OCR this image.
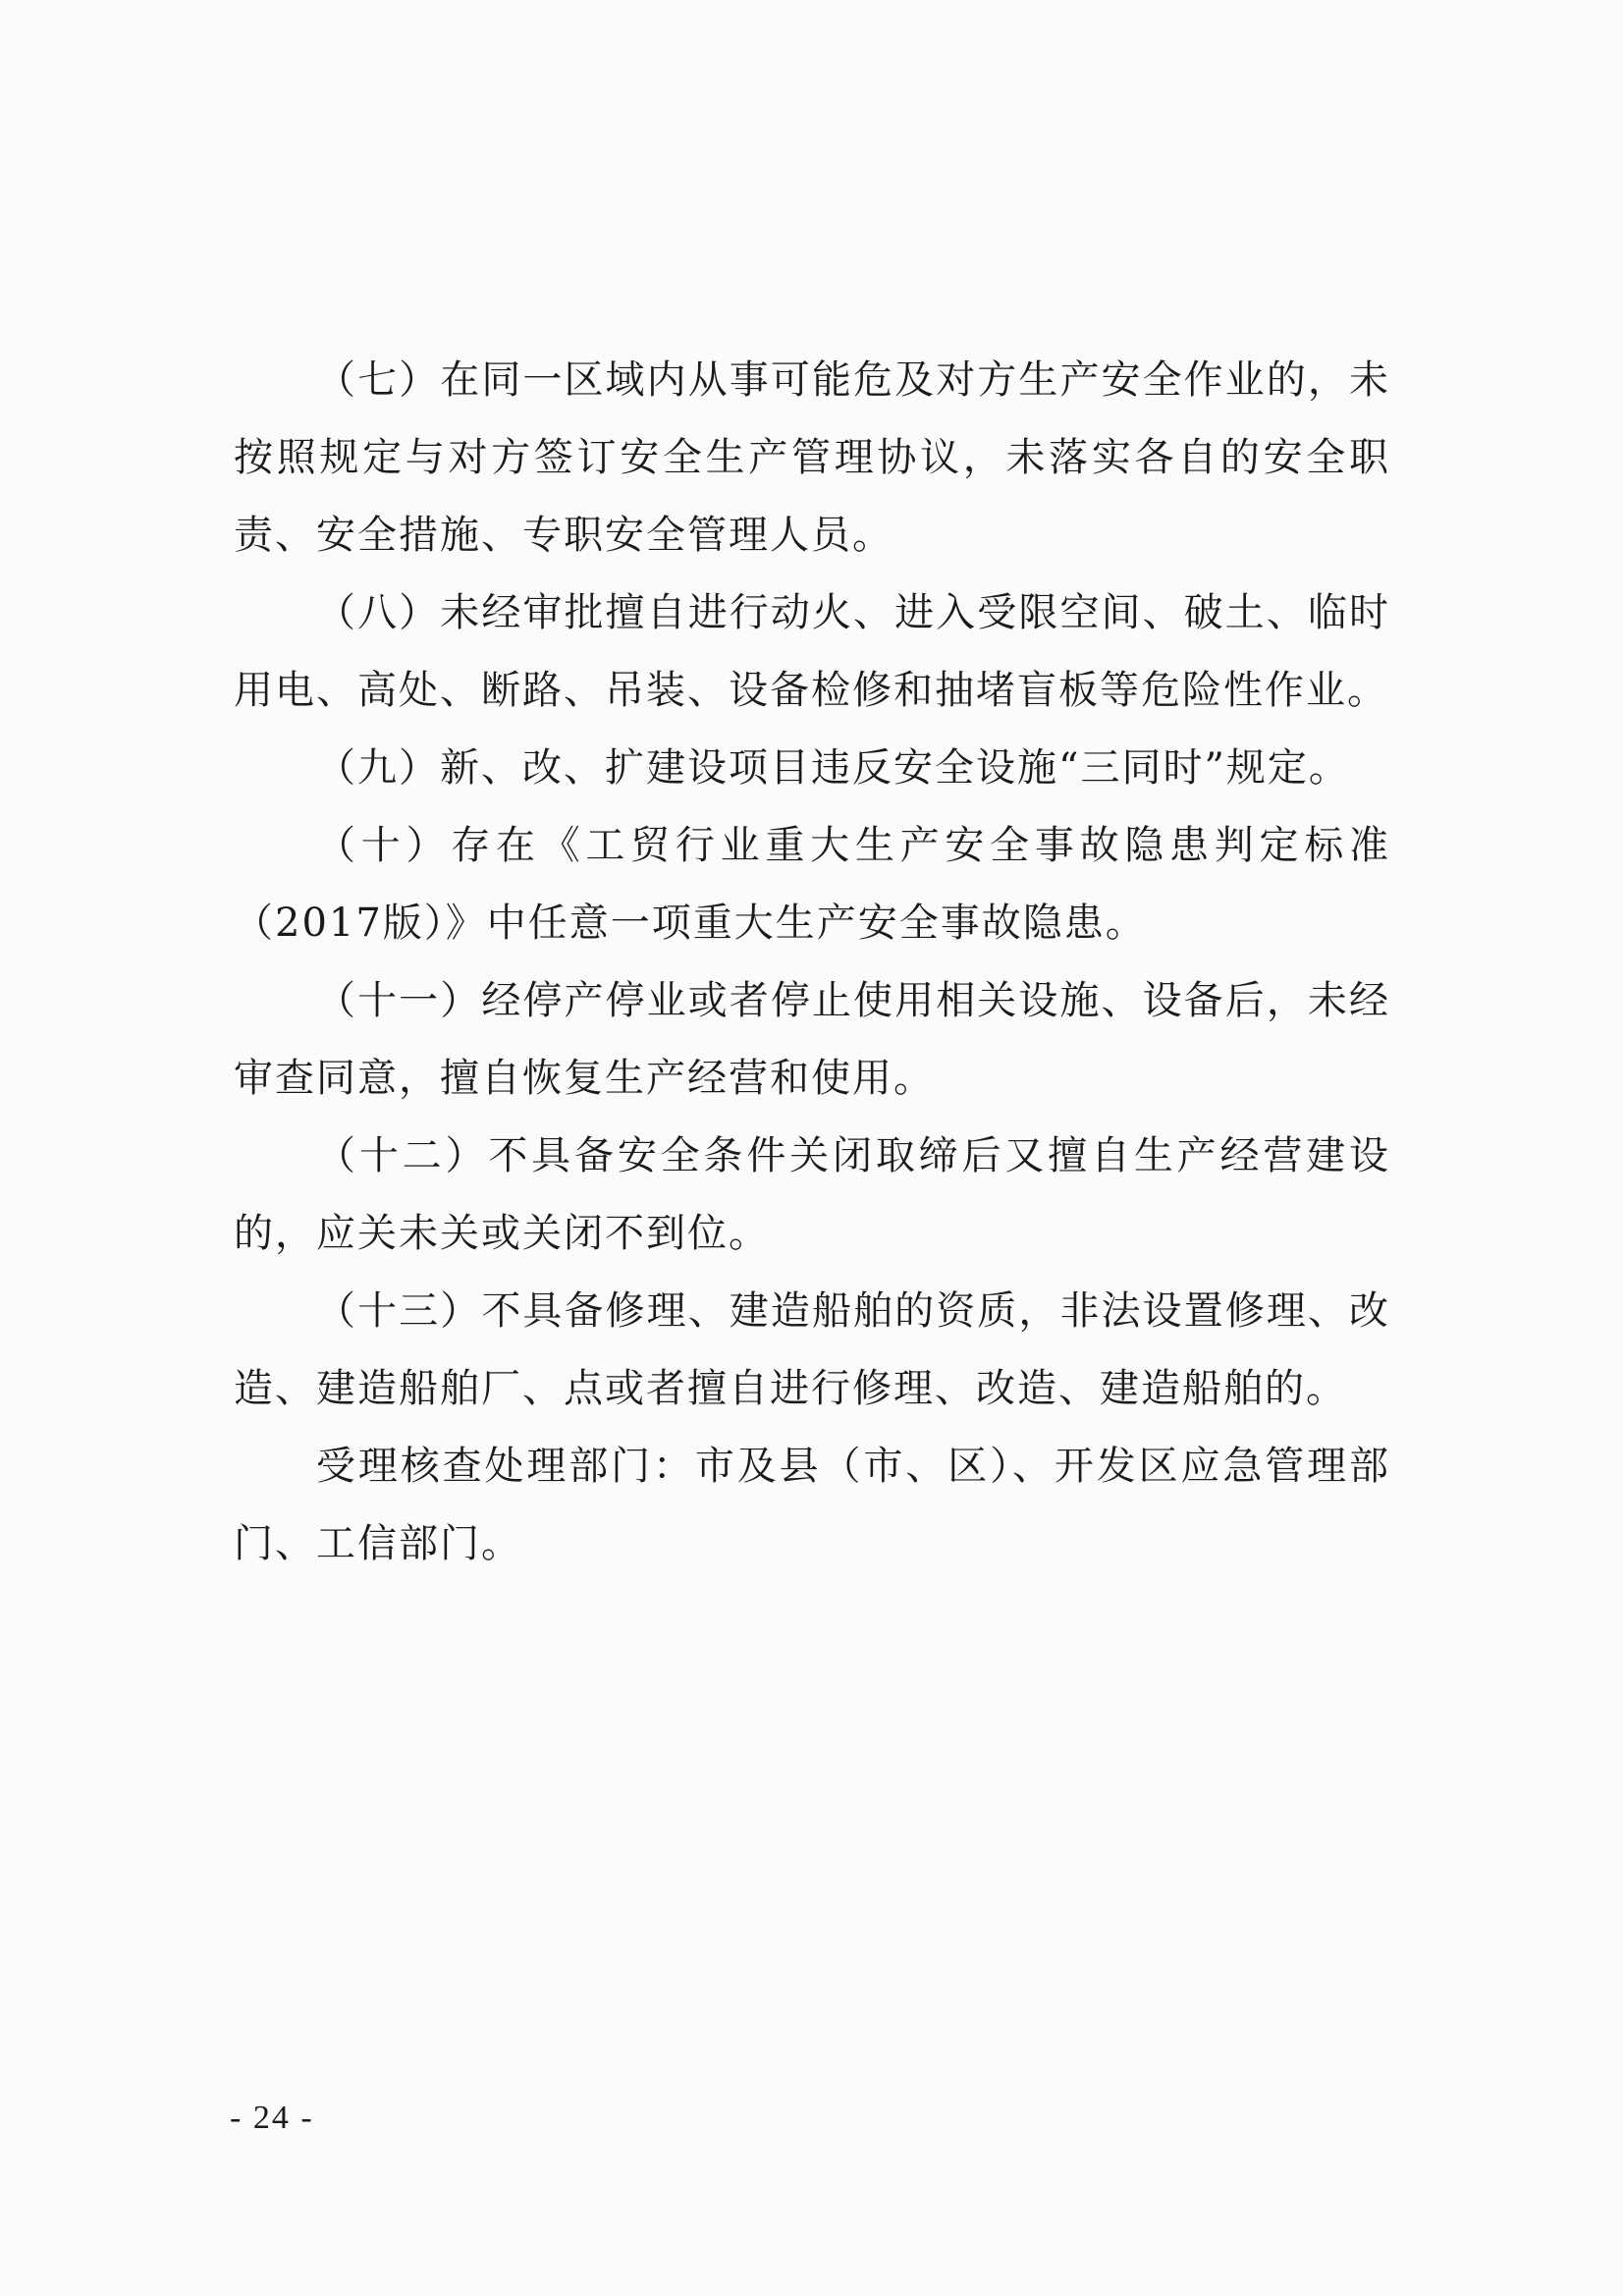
（七）在同一区域内从事可能危及对方生产安全作业的，未按照规定与对方签订安全生产管理协议，未落实各自的安全职责、安全措施、专职安全管理人员。

（八）未经审批擅自进行动火、进入受限空间、破土、临时用电、高处、断路、吊装、设备检修和抽堵盲板等危险性作业。

（九）新、改、扩建设项目违反安全设施“三同时”规定。

（十）存在《工贸行业重大生产安全事故隐患判定标准（2017版）》中任意一项重大生产安全事故隐患。

（十一）经停产停业或者停止使用相关设施、设备后，未经审查同意，擅自恢复生产经营和使用。

（十二）不具备安全条件关闭取缔后又擅自生产经营建设的，应关未关或关闭不到位。

（十三）不具备修理、建造船舶的资质，非法设置修理、改造、建造船舶厂、点或者擅自进行修理、改造、建造船舶的。

受理核查处理部门：市及县（市、区）、开发区应急管理部门、工信部门。

- 24 -
